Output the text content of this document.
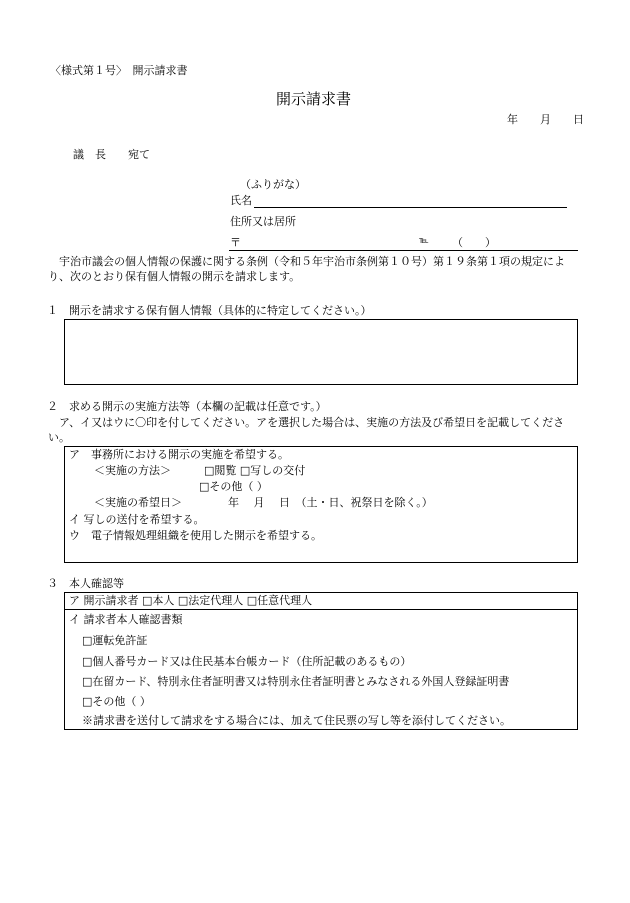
〈様式第１号〉　開示請求書
開示請求書
年　　月　　日
議　長　　宛て
（ふりがな）
氏名
住所又は居所
〒	℡ （　　）
宇治市議会の個人情報の保護に関する条例（令和５年宇治市条例第１０号）第１９条第１項の規定により、次のとおり保有個人情報の開示を請求します。
１　開示を請求する保有個人情報（具体的に特定してください。）
２　求める開示の実施方法等（本欄の記載は任意です。）
ア、イ又はウに〇印を付してください。アを選択した場合は、実施の方法及び希望日を記載してください。
ア　事務所における開示の実施を希望する。
＜実施の方法＞	□閲覧 □写しの交付
□その他（ ）
＜実施の希望日＞	年　 月　 日　（土・日、祝祭日を除く。）
イ 写しの送付を希望する。
ウ　電子情報処理組織を使用した開示を希望する。
３　本人確認等
ア 開示請求者 □本人 □法定代理人 □任意代理人
イ 請求者本人確認書類
□運転免許証
□個人番号カード又は住民基本台帳カード（住所記載のあるもの）
□在留カード、特別永住者証明書又は特別永住者証明書とみなされる外国人登録証明書
□その他（ ）
※請求書を送付して請求をする場合には、加えて住民票の写し等を添付してください。
